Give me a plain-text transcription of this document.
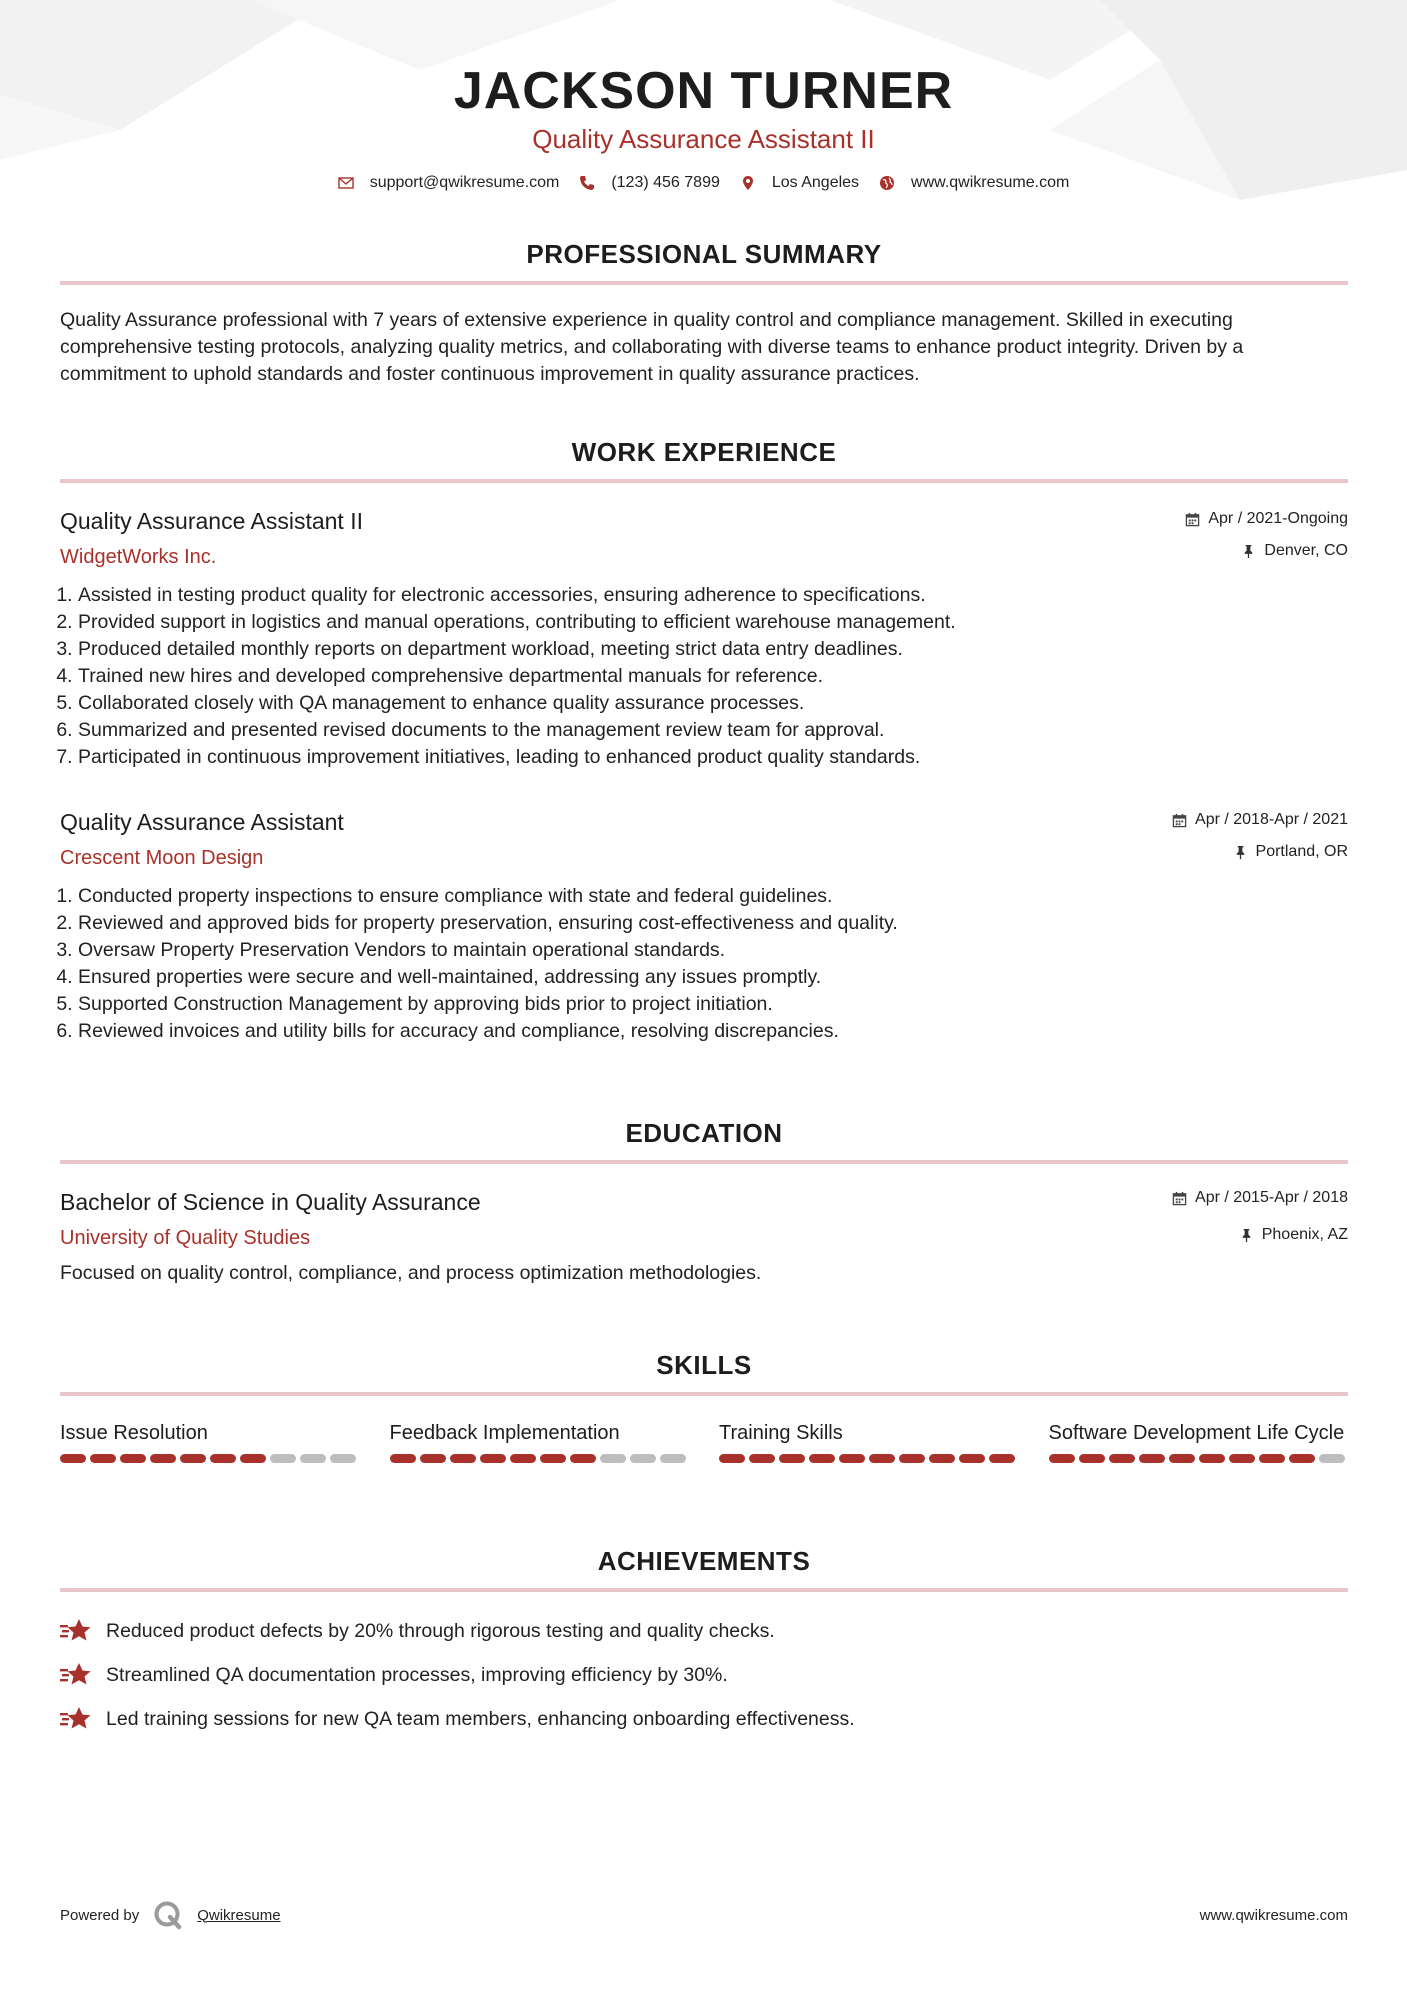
JACKSON TURNER
Quality Assurance Assistant II
support@qwikresume.com	(123) 456 7899	Los Angeles	www.qwikresume.com
PROFESSIONAL SUMMARY
Quality Assurance professional with 7 years of extensive experience in quality control and compliance management. Skilled in executing comprehensive testing protocols, analyzing quality metrics, and collaborating with diverse teams to enhance product integrity. Driven by a commitment to uphold standards and foster continuous improvement in quality assurance practices.
WORK EXPERIENCE
Quality Assurance Assistant II
WidgetWorks Inc.
Apr / 2021-Ongoing
Denver, CO
1. Assisted in testing product quality for electronic accessories, ensuring adherence to specifications.
2. Provided support in logistics and manual operations, contributing to efficient warehouse management.
3. Produced detailed monthly reports on department workload, meeting strict data entry deadlines.
4. Trained new hires and developed comprehensive departmental manuals for reference.
5. Collaborated closely with QA management to enhance quality assurance processes.
6. Summarized and presented revised documents to the management review team for approval.
7. Participated in continuous improvement initiatives, leading to enhanced product quality standards.
Quality Assurance Assistant
Crescent Moon Design
Apr / 2018-Apr / 2021
Portland, OR
1. Conducted property inspections to ensure compliance with state and federal guidelines.
2. Reviewed and approved bids for property preservation, ensuring cost-effectiveness and quality.
3. Oversaw Property Preservation Vendors to maintain operational standards.
4. Ensured properties were secure and well-maintained, addressing any issues promptly.
5. Supported Construction Management by approving bids prior to project initiation.
6. Reviewed invoices and utility bills for accuracy and compliance, resolving discrepancies.
EDUCATION
Bachelor of Science in Quality Assurance
University of Quality Studies
Apr / 2015-Apr / 2018
Phoenix, AZ
Focused on quality control, compliance, and process optimization methodologies.
SKILLS
Issue Resolution	Feedback Implementation	Training Skills	Software Development Life Cycle
ACHIEVEMENTS
Reduced product defects by 20% through rigorous testing and quality checks.
Streamlined QA documentation processes, improving efficiency by 30%.
Led training sessions for new QA team members, enhancing onboarding effectiveness.
Powered by	Qwikresume	www.qwikresume.com
